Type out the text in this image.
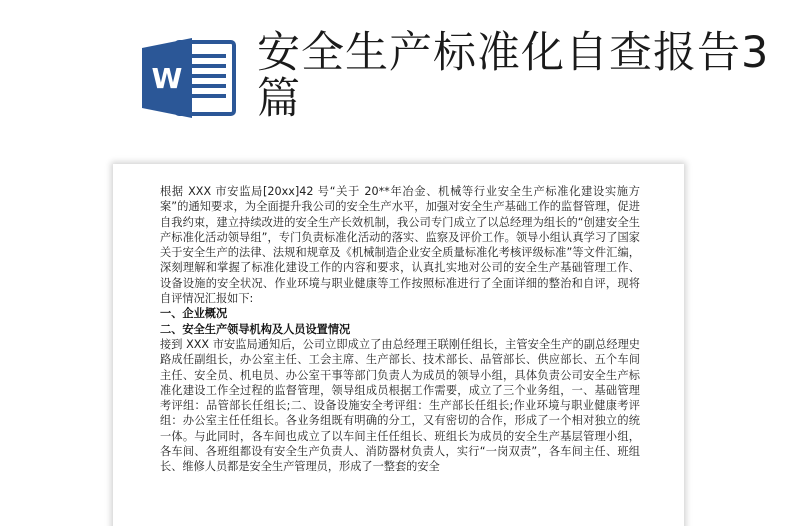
W
安全生产标准化自查报告3篇

根据 XXX 市安监局[20xx]42 号“关于 20**年冶金、机械等行业安全生产标准化建设实施方案”的通知要求，为全面提升我公司的安全生产水平，加强对安全生产基础工作的监督管理，促进自我约束，建立持续改进的安全生产长效机制，我公司专门成立了以总经理为组长的“创建安全生产标准化活动领导组”，专门负责标准化活动的落实、监察及评价工作。领导小组认真学习了国家关于安全生产的法律、法规和规章及《机械制造企业安全质量标准化考核评级标准”等文件汇编，深刻理解和掌握了标准化建设工作的内容和要求，认真扎实地对公司的安全生产基础管理工作、设备设施的安全状况、作业环境与职业健康等工作按照标准进行了全面详细的整治和自评，现将自评情况汇报如下:

一、企业概况

二、安全生产领导机构及人员设置情况

接到 XXX 市安监局通知后，公司立即成立了由总经理王联刚任组长，主管安全生产的副总经理史路成任副组长，办公室主任、工会主席、生产部长、技术部长、品管部长、供应部长、五个车间主任、安全员、机电员、办公室干事等部门负责人为成员的领导小组，具体负责公司安全生产标准化建设工作全过程的监督管理，领导组成员根据工作需要，成立了三个业务组，一、基础管理考评组：品管部长任组长;二、设备设施安全考评组：生产部长任组长;作业环境与职业健康考评组：办公室主任任组长。各业务组既有明确的分工，又有密切的合作，形成了一个相对独立的统一体。与此同时，各车间也成立了以车间主任任组长、班组长为成员的安全生产基层管理小组，各车间、各班组都设有安全生产负责人、消防器材负责人，实行“一岗双责”，各车间主任、班组长、维修人员都是安全生产管理员，形成了一整套的安全
